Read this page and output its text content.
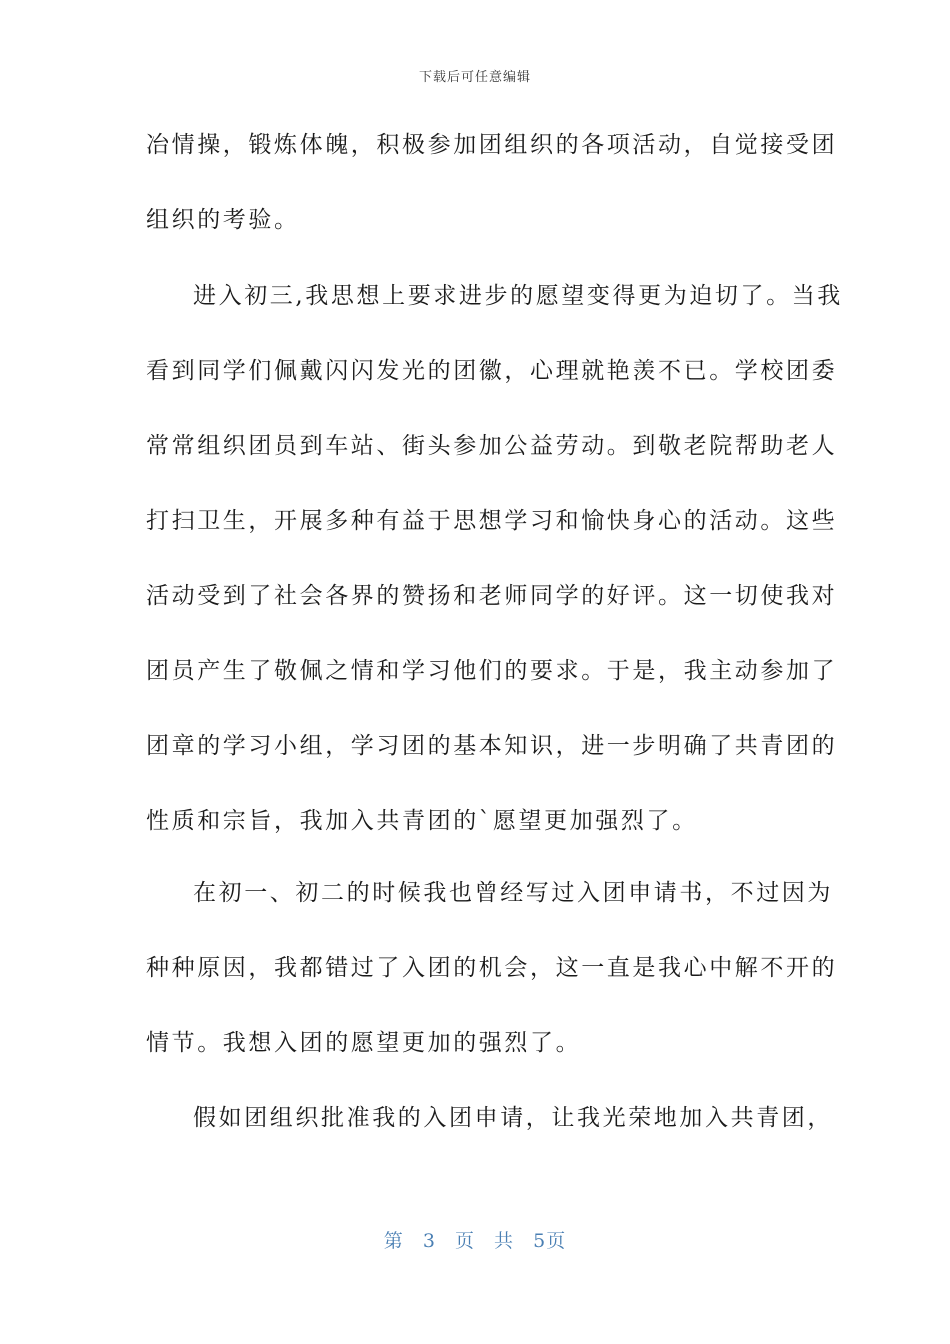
下载后可任意编辑
冶情操，锻炼体魄，积极参加团组织的各项活动，自觉接受团
组织的考验。
进入初三,我思想上要求进步的愿望变得更为迫切了。当我
看到同学们佩戴闪闪发光的团徽，心理就艳羡不已。学校团委
常常组织团员到车站、街头参加公益劳动。到敬老院帮助老人
打扫卫生，开展多种有益于思想学习和愉快身心的活动。这些
活动受到了社会各界的赞扬和老师同学的好评。这一切使我对
团员产生了敬佩之情和学习他们的要求。于是，我主动参加了
团章的学习小组，学习团的基本知识，进一步明确了共青团的
性质和宗旨，我加入共青团的`愿望更加强烈了。
在初一、初二的时候我也曾经写过入团申请书，不过因为
种种原因，我都错过了入团的机会，这一直是我心中解不开的
情节。我想入团的愿望更加的强烈了。
假如团组织批准我的入团申请，让我光荣地加入共青团，
第 3 页 共 5页
